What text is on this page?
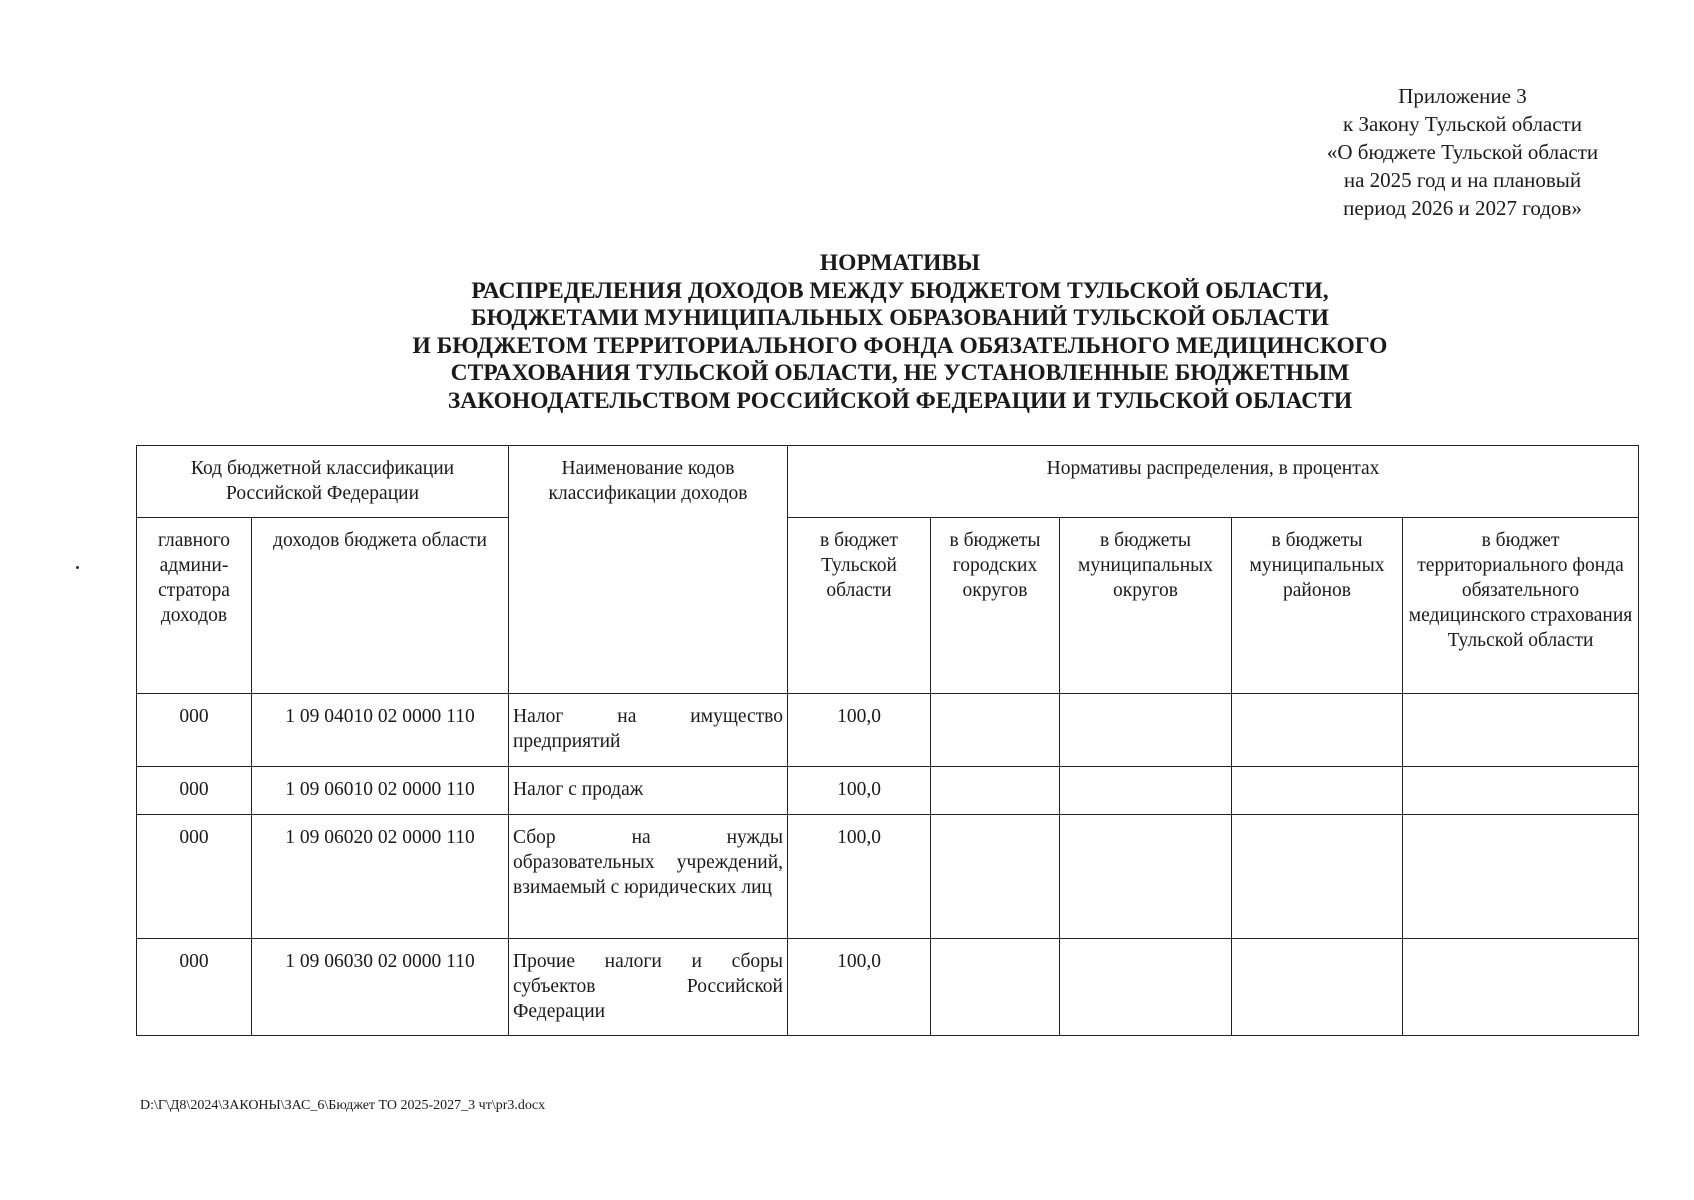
Приложение 3
к Закону Тульской области
«О бюджете Тульской области
на 2025 год и на плановый
период 2026 и 2027 годов»
НОРМАТИВЫ
РАСПРЕДЕЛЕНИЯ ДОХОДОВ МЕЖДУ БЮДЖЕТОМ ТУЛЬСКОЙ ОБЛАСТИ,
БЮДЖЕТАМИ МУНИЦИПАЛЬНЫХ ОБРАЗОВАНИЙ ТУЛЬСКОЙ ОБЛАСТИ
И БЮДЖЕТОМ ТЕРРИТОРИАЛЬНОГО ФОНДА ОБЯЗАТЕЛЬНОГО МЕДИЦИНСКОГО
СТРАХОВАНИЯ ТУЛЬСКОЙ ОБЛАСТИ, НЕ УСТАНОВЛЕННЫЕ БЮДЖЕТНЫМ
ЗАКОНОДАТЕЛЬСТВОМ РОССИЙСКОЙ ФЕДЕРАЦИИ И ТУЛЬСКОЙ ОБЛАСТИ
Код бюджетной классификации Российской Федерации		Наименование кодов классификации доходов	Нормативы распределения, в процентах				
главного админи-стратора доходов	доходов бюджета области		в бюджет Тульской области	в бюджеты городских округов	в бюджеты муниципальных округов	в бюджеты муниципальных районов	в бюджет территориального фонда обязательного медицинского страхования Тульской области
000	1 09 04010 02 0000 110	Налог на имущество предприятий	100,0				
000	1 09 06010 02 0000 110	Налог с продаж	100,0				
000	1 09 06020 02 0000 110	Сбор на нужды образовательных учреждений, взимаемый с юридических лиц	100,0				
000	1 09 06030 02 0000 110	Прочие налоги и сборы субъектов Российской Федерации	100,0				
D:\Г\Д8\2024\ЗАКОНЫ\ЗАС_6\Бюджет ТО 2025-2027_3 чт\pr3.docx
